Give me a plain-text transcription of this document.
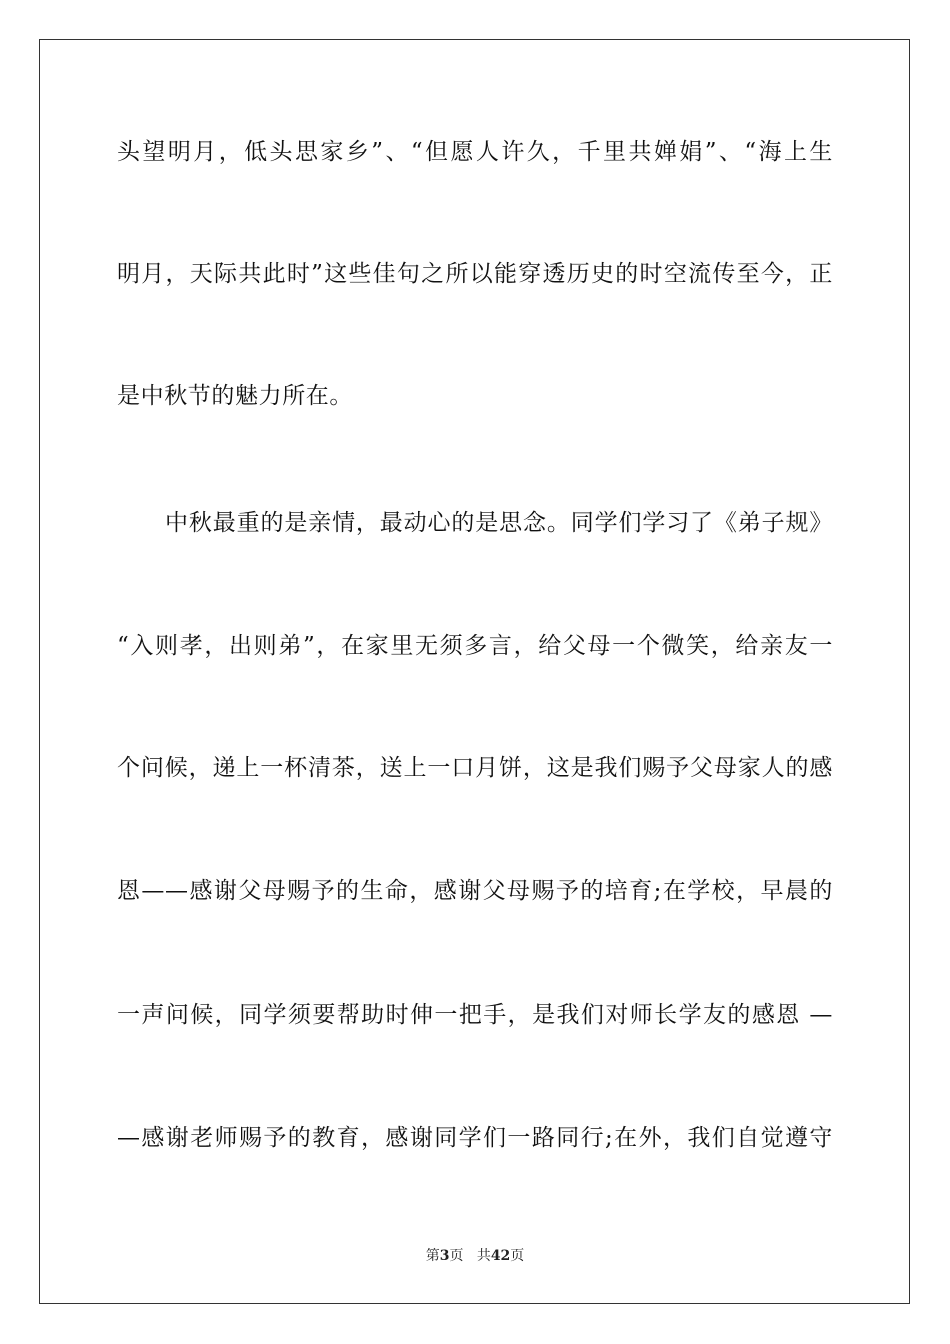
头望明月，低头思家乡”、“但愿人许久，千里共婵娟”、“海上生
明月，天际共此时”这些佳句之所以能穿透历史的时空流传至今，正
是中秋节的魅力所在。
中秋最重的是亲情，最动心的是思念。同学们学习了《弟子规》
“入则孝，出则弟”，在家里无须多言，给父母一个微笑，给亲友一
个问候，递上一杯清茶，送上一口月饼，这是我们赐予父母家人的感
恩——感谢父母赐予的生命，感谢父母赐予的培育;在学校，早晨的
一声问候，同学须要帮助时伸一把手，是我们对师长学友的感恩 —
—感谢老师赐予的教育，感谢同学们一路同行;在外，我们自觉遵守
第3页 共42页
